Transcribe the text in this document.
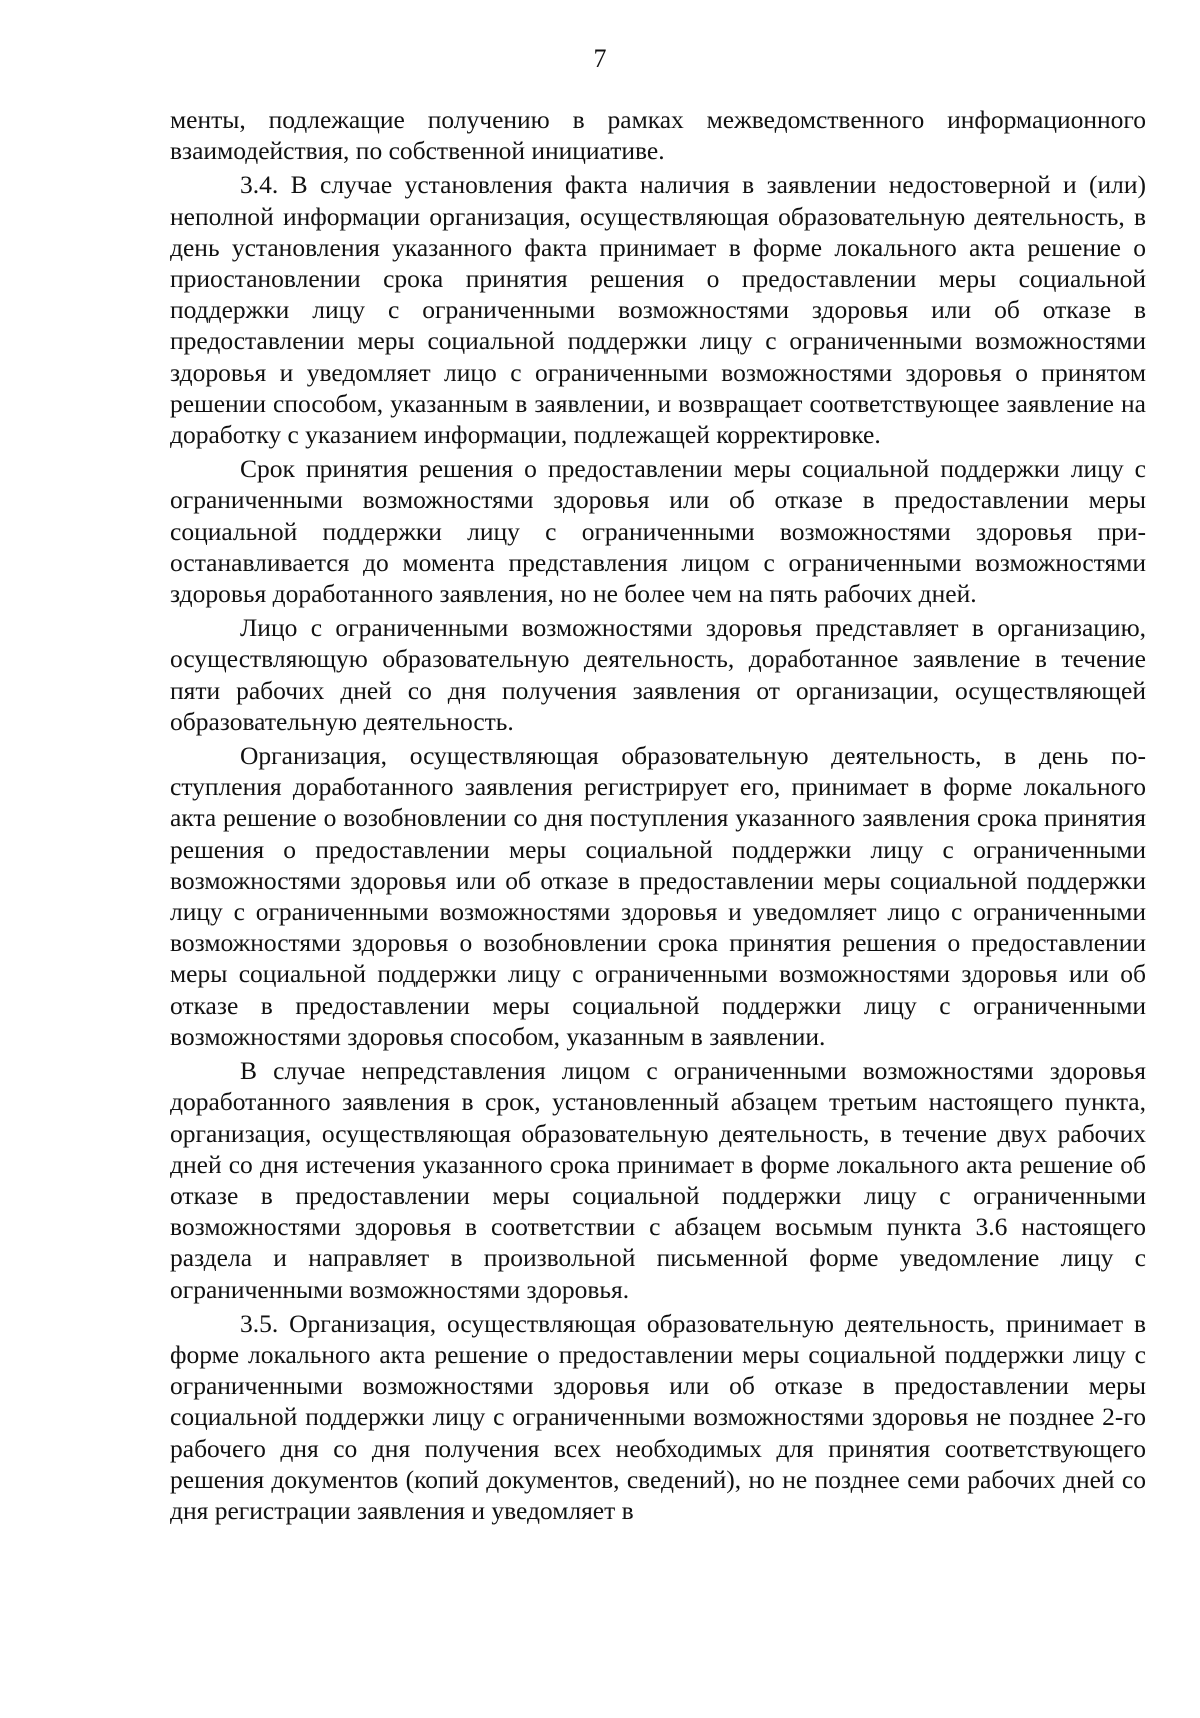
7

менты, подлежащие получению в рамках межведомственного информационного взаимодействия, по собственной инициативе.

3.4. В случае установления факта наличия в заявлении недостоверной и (или) неполной информации организация, осуществляющая образовательную деятельность, в день установления указанного факта принимает в форме локального акта решение о приостановлении срока принятия решения о предоставлении меры социальной поддержки лицу с ограниченными возможностями здоровья или об отказе в предоставлении меры социальной поддержки лицу с ограниченными возможностями здоровья и уведомляет лицо с ограниченными возможностями здоровья о принятом решении способом, указанным в заявлении, и возвращает соответствующее заявление на доработку с указанием информации, подлежащей корректировке.

Срок принятия решения о предоставлении меры социальной поддержки лицу с ограниченными возможностями здоровья или об отказе в предоставлении меры социальной поддержки лицу с ограниченными возможностями здоровья приостанавливается до момента представления лицом с ограниченными возможностями здоровья доработанного заявления, но не более чем на пять рабочих дней.

Лицо с ограниченными возможностями здоровья представляет в организацию, осуществляющую образовательную деятельность, доработанное заявление в течение пяти рабочих дней со дня получения заявления от организации, осуществляющей образовательную деятельность.

Организация, осуществляющая образовательную деятельность, в день поступления доработанного заявления регистрирует его, принимает в форме локального акта решение о возобновлении со дня поступления указанного заявления срока принятия решения о предоставлении меры социальной поддержки лицу с ограниченными возможностями здоровья или об отказе в предоставлении меры социальной поддержки лицу с ограниченными возможностями здоровья и уведомляет лицо с ограниченными возможностями здоровья о возобновлении срока принятия решения о предоставлении меры социальной поддержки лицу с ограниченными возможностями здоровья или об отказе в предоставлении меры социальной поддержки лицу с ограниченными возможностями здоровья способом, указанным в заявлении.

В случае непредставления лицом с ограниченными возможностями здоровья доработанного заявления в срок, установленный абзацем третьим настоящего пункта, организация, осуществляющая образовательную деятельность, в течение двух рабочих дней со дня истечения указанного срока принимает в форме локального акта решение об отказе в предоставлении меры социальной поддержки лицу с ограниченными возможностями здоровья в соответствии с абзацем восьмым пункта 3.6 настоящего раздела и направляет в произвольной письменной форме уведомление лицу с ограниченными возможностями здоровья.

3.5. Организация, осуществляющая образовательную деятельность, принимает в форме локального акта решение о предоставлении меры социальной поддержки лицу с ограниченными возможностями здоровья или об отказе в предоставлении меры социальной поддержки лицу с ограниченными возможностями здоровья не позднее 2-го рабочего дня со дня получения всех необходимых для принятия соответствующего решения документов (копий документов, сведений), но не позднее семи рабочих дней со дня регистрации заявления и уведомляет в
